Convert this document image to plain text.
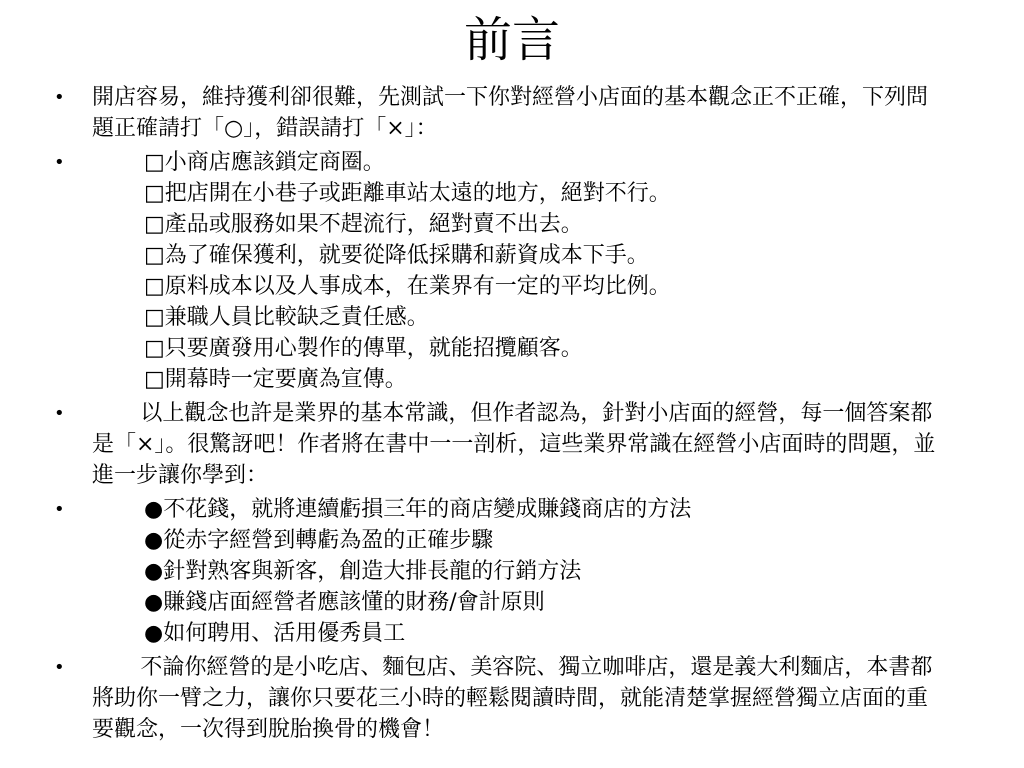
前言
• 開店容易，維持獲利卻很難，先測試一下你對經營小店面的基本觀念正不正確，下列問題正確請打「○」，錯誤請打「×」：
•	□小商店應該鎖定商圈。
□把店開在小巷子或距離車站太遠的地方，絕對不行。
□產品或服務如果不趕流行，絕對賣不出去。
□為了確保獲利，就要從降低採購和薪資成本下手。
□原料成本以及人事成本，在業界有一定的平均比例。
□兼職人員比較缺乏責任感。
□只要廣發用心製作的傳單，就能招攬顧客。
□開幕時一定要廣為宣傳。
•	以上觀念也許是業界的基本常識，但作者認為，針對小店面的經營，每一個答案都是「×」。很驚訝吧！作者將在書中一一剖析，這些業界常識在經營小店面時的問題，並進一步讓你學到：
•	●不花錢，就將連續虧損三年的商店變成賺錢商店的方法
●從赤字經營到轉虧為盈的正確步驟
●針對熟客與新客，創造大排長龍的行銷方法
●賺錢店面經營者應該懂的財務/會計原則
●如何聘用、活用優秀員工
•	不論你經營的是小吃店、麵包店、美容院、獨立咖啡店，還是義大利麵店，本書都將助你一臂之力，讓你只要花三小時的輕鬆閱讀時間，就能清楚掌握經營獨立店面的重要觀念，一次得到脫胎換骨的機會！
